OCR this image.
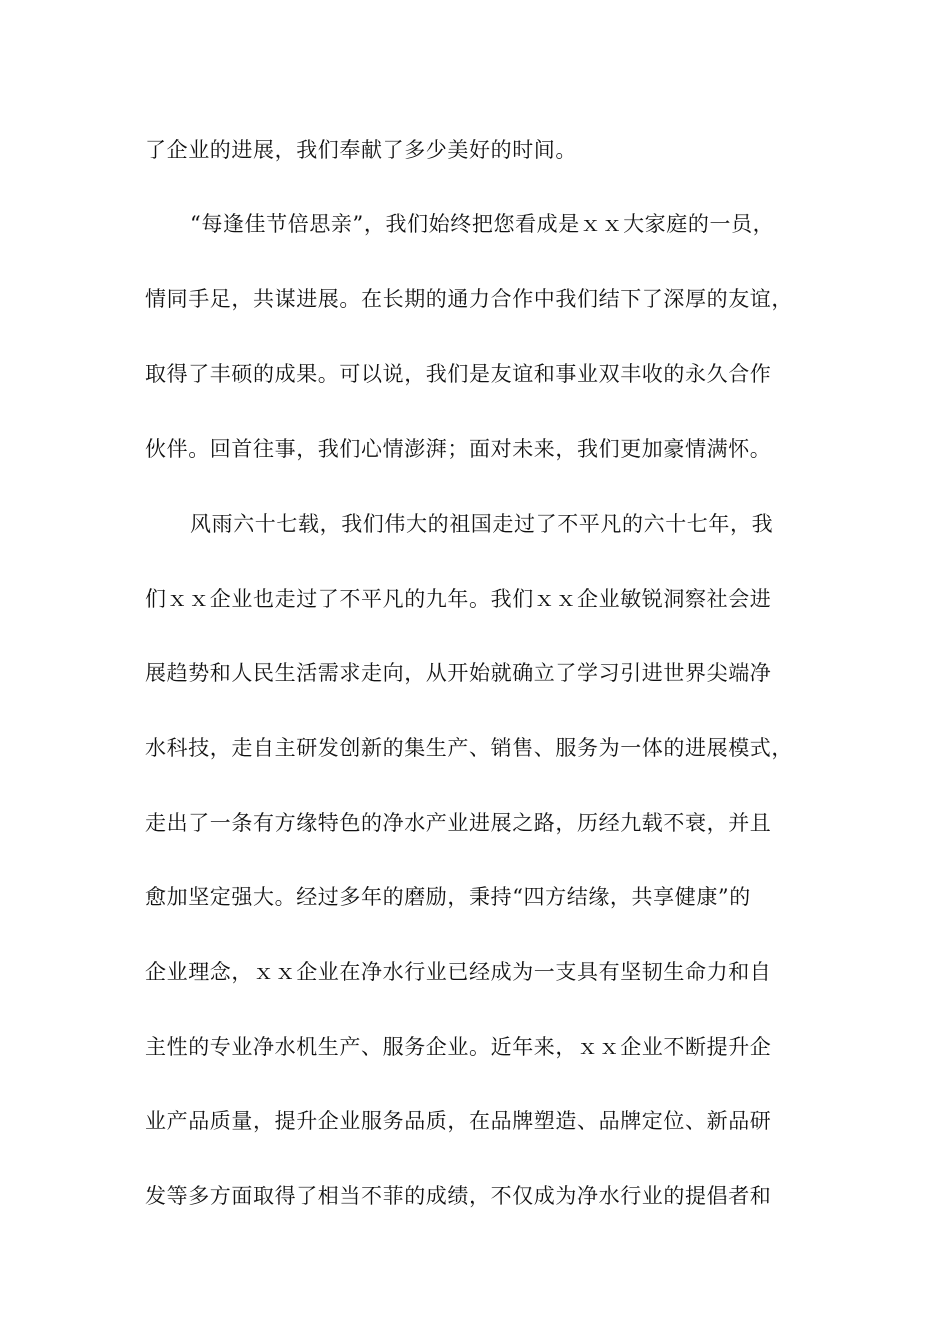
了企业的进展，我们奉献了多少美好的时间。
“每逢佳节倍思亲”，我们始终把您看成是ｘｘ大家庭的一员，
情同手足，共谋进展。在长期的通力合作中我们结下了深厚的友谊，
取得了丰硕的成果。可以说，我们是友谊和事业双丰收的永久合作
伙伴。回首往事，我们心情澎湃；面对未来，我们更加豪情满怀。
风雨六十七载，我们伟大的祖国走过了不平凡的六十七年，我
们ｘｘ企业也走过了不平凡的九年。我们ｘｘ企业敏锐洞察社会进
展趋势和人民生活需求走向，从开始就确立了学习引进世界尖端净
水科技，走自主研发创新的集生产、销售、服务为一体的进展模式，
走出了一条有方缘特色的净水产业进展之路，历经九载不衰，并且
愈加坚定强大。经过多年的磨励，秉持“四方结缘，共享健康”的
企业理念，ｘｘ企业在净水行业已经成为一支具有坚韧生命力和自
主性的专业净水机生产、服务企业。近年来，ｘｘ企业不断提升企
业产品质量，提升企业服务品质，在品牌塑造、品牌定位、新品研
发等多方面取得了相当不菲的成绩，不仅成为净水行业的提倡者和
